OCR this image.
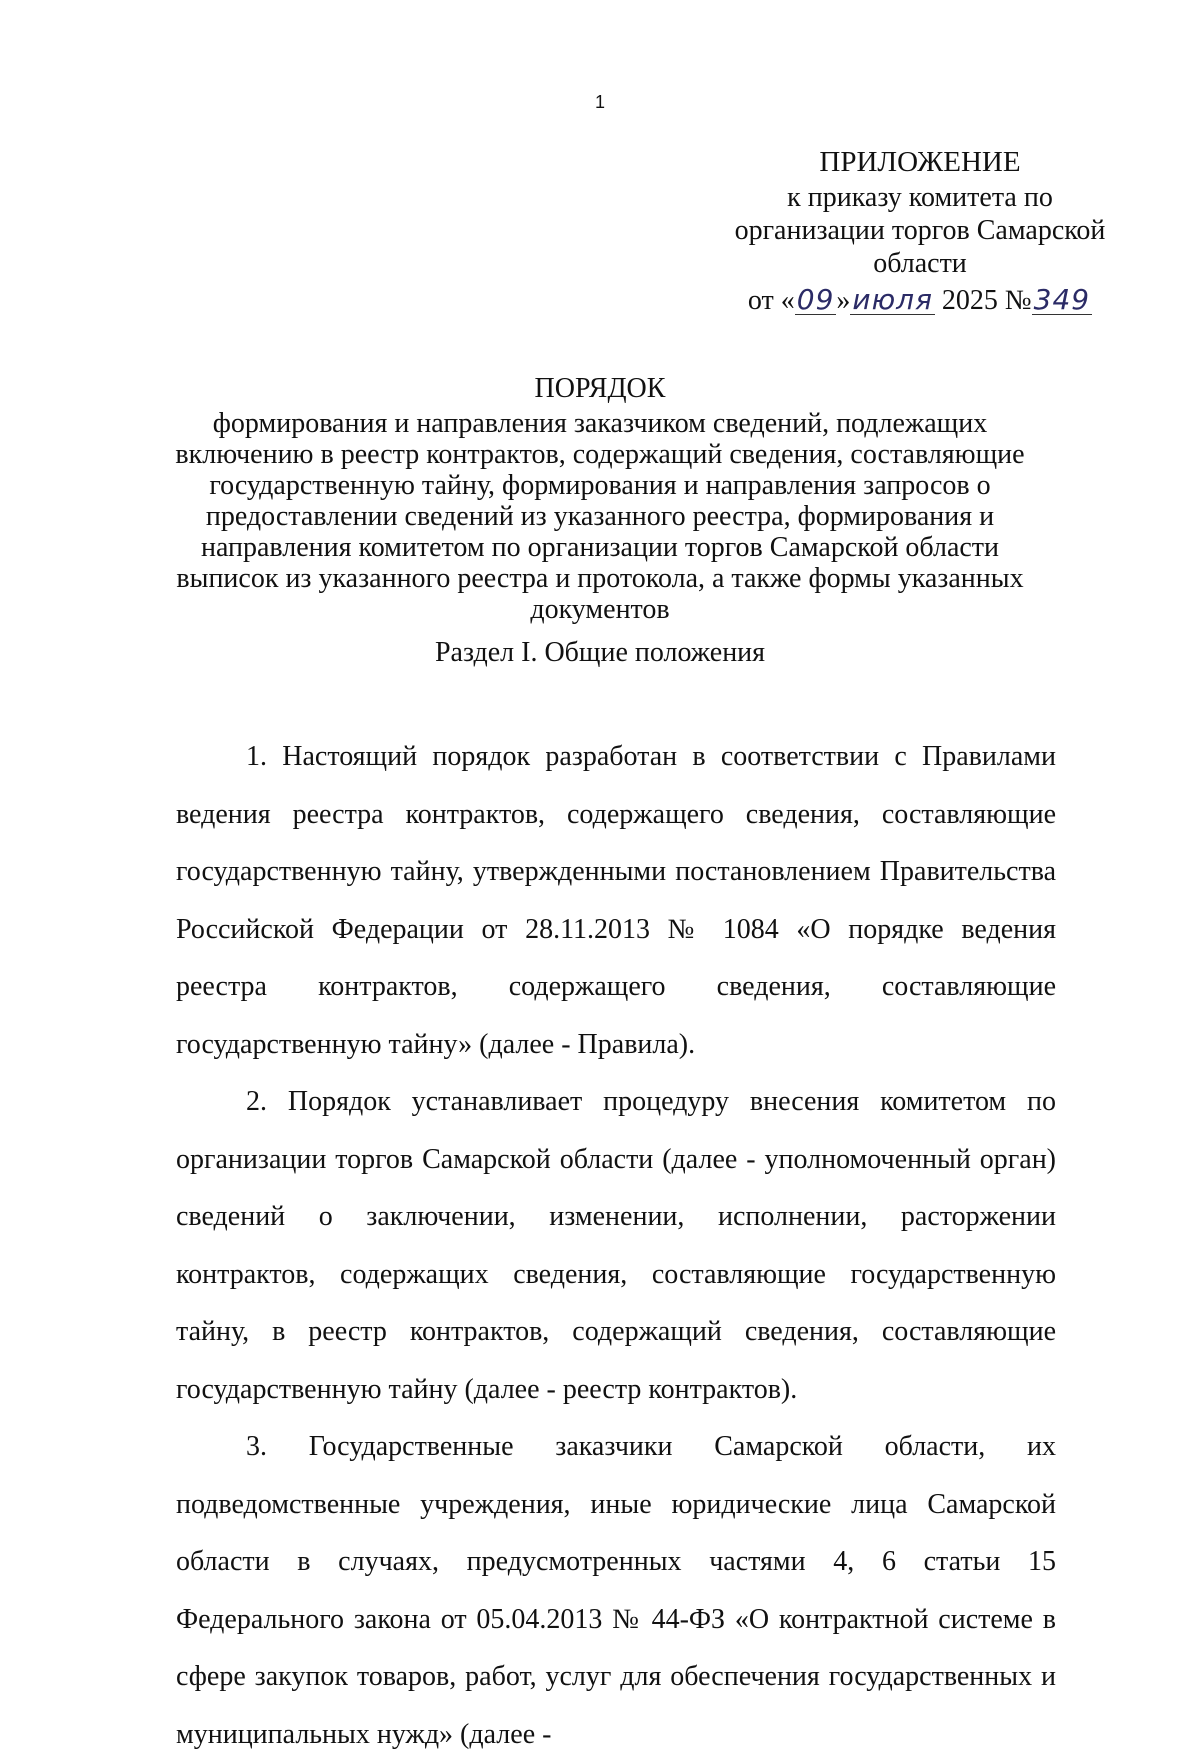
1
ПРИЛОЖЕНИЕ
к приказу комитета по
организации торгов Самарской
области
от «09»июля 2025 №349
ПОРЯДОК
формирования и направления заказчиком сведений, подлежащих включению в реестр контрактов, содержащий сведения, составляющие государственную тайну, формирования и направления запросов о предоставлении сведений из указанного реестра, формирования и направления комитетом по организации торгов Самарской области выписок из указанного реестра и протокола, а также формы указанных документов
Раздел I. Общие положения

1. Настоящий порядок разработан в соответствии с Правилами ведения реестра контрактов, содержащего сведения, составляющие государственную тайну, утвержденными постановлением Правительства Российской Федерации от 28.11.2013 № 1084 «О порядке ведения реестра контрактов, содержащего сведения, составляющие государственную тайну» (далее - Правила).

2. Порядок устанавливает процедуру внесения комитетом по организации торгов Самарской области (далее - уполномоченный орган) сведений о заключении, изменении, исполнении, расторжении контрактов, содержащих сведения, составляющие государственную тайну, в реестр контрактов, содержащий сведения, составляющие государственную тайну (далее - реестр контрактов).

3. Государственные заказчики Самарской области, их подведомственные учреждения, иные юридические лица Самарской области в случаях, предусмотренных частями 4, 6 статьи 15 Федерального закона от 05.04.2013 № 44-ФЗ «О контрактной системе в сфере закупок товаров, работ, услуг для обеспечения государственных и муниципальных нужд» (далее -
